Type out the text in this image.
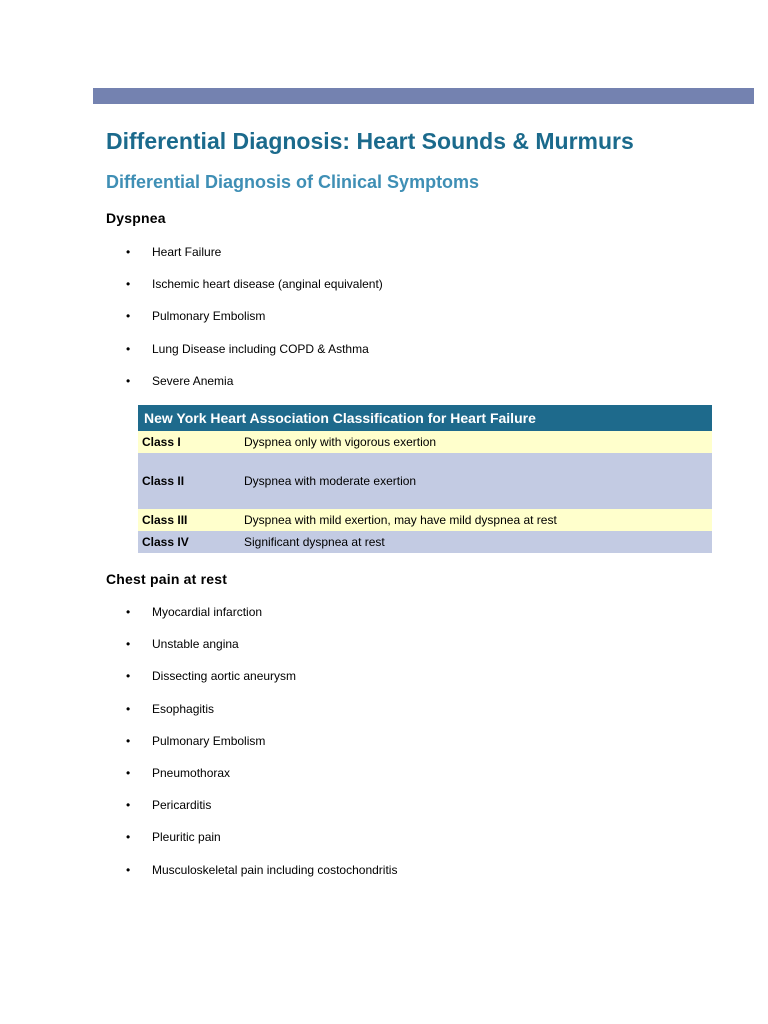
Differential Diagnosis: Heart Sounds & Murmurs
Differential Diagnosis of Clinical Symptoms
Dyspnea
• Heart Failure
• Ischemic heart disease (anginal equivalent)
• Pulmonary Embolism
• Lung Disease including COPD & Asthma
• Severe Anemia
New York Heart Association Classification for Heart Failure	
Class I	Dyspnea only with vigorous exertion
Class II	Dyspnea with moderate exertion
Class III	Dyspnea with mild exertion, may have mild dyspnea at rest
Class IV	Significant dyspnea at rest
Chest pain at rest
• Myocardial infarction
• Unstable angina
• Dissecting aortic aneurysm
• Esophagitis
• Pulmonary Embolism
• Pneumothorax
• Pericarditis
• Pleuritic pain
• Musculoskeletal pain including costochondritis
